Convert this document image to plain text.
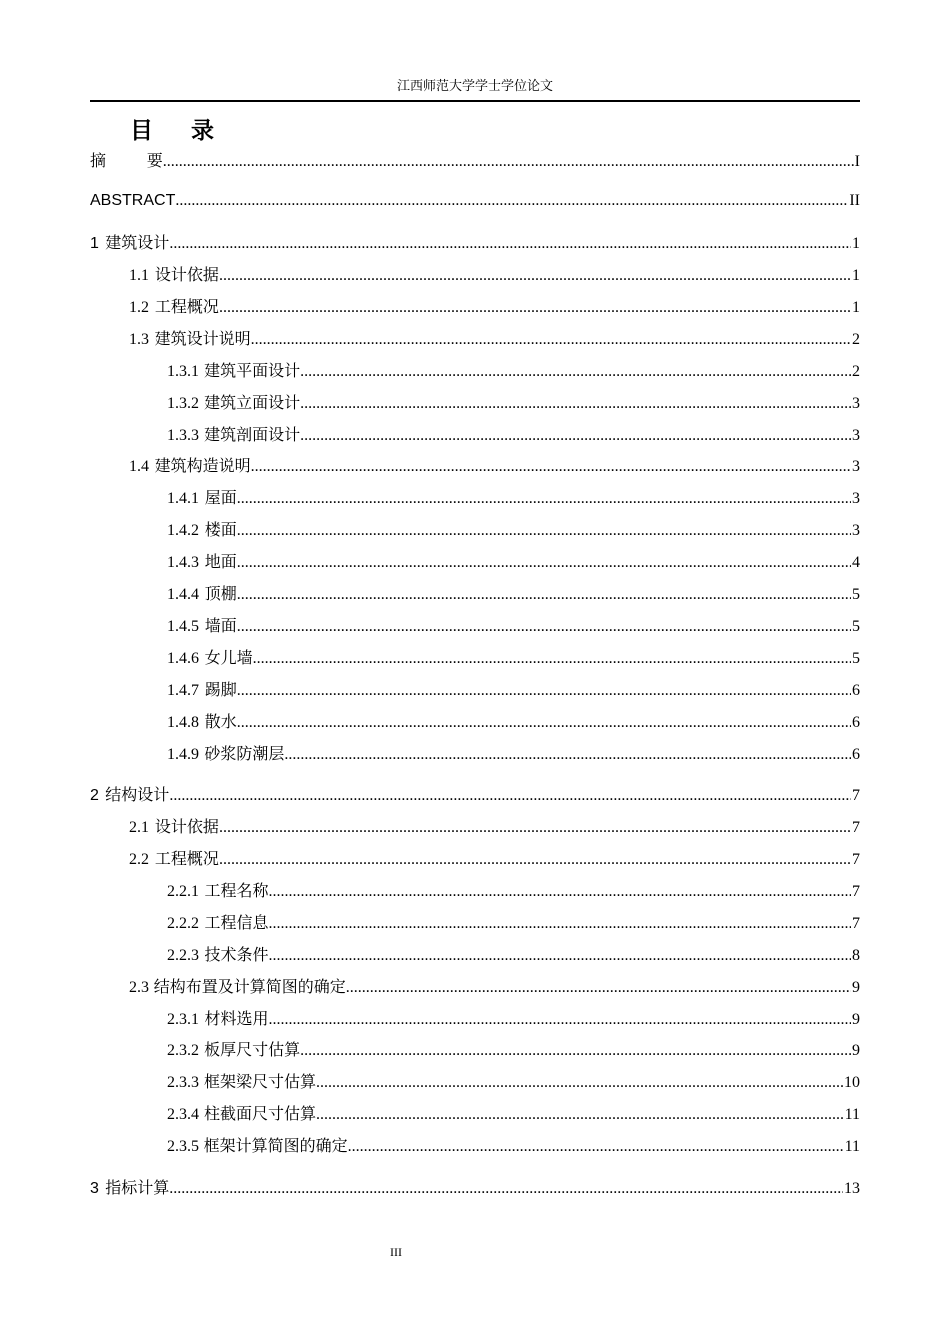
江西师范大学学士学位论文
目录
摘        要 .....	I
ABSTRACT .....	II
1 建筑设计 .....	1
1.1 设计依据 .....	1
1.2 工程概况 .....	1
1.3 建筑设计说明 .....	2
1.3.1 建筑平面设计 .....	2
1.3.2 建筑立面设计 .....	3
1.3.3 建筑剖面设计 .....	3
1.4 建筑构造说明 .....	3
1.4.1 屋面 .....	3
1.4.2 楼面 .....	3
1.4.3 地面 .....	4
1.4.4 顶棚 .....	5
1.4.5 墙面 .....	5
1.4.6 女儿墙 .....	5
1.4.7 踢脚 .....	6
1.4.8 散水 .....	6
1.4.9 砂浆防潮层 .....	6
2 结构设计 .....	7
2.1 设计依据 .....	7
2.2 工程概况 .....	7
2.2.1 工程名称 .....	7
2.2.2 工程信息 .....	7
2.2.3 技术条件 .....	8
2.3 结构布置及计算简图的确定 .....	9
2.3.1 材料选用 .....	9
2.3.2 板厚尺寸估算 .....	9
2.3.3 框架梁尺寸估算 .....	10
2.3.4 柱截面尺寸估算 .....	11
2.3.5 框架计算简图的确定 .....	11
3 指标计算 .....	13
III
